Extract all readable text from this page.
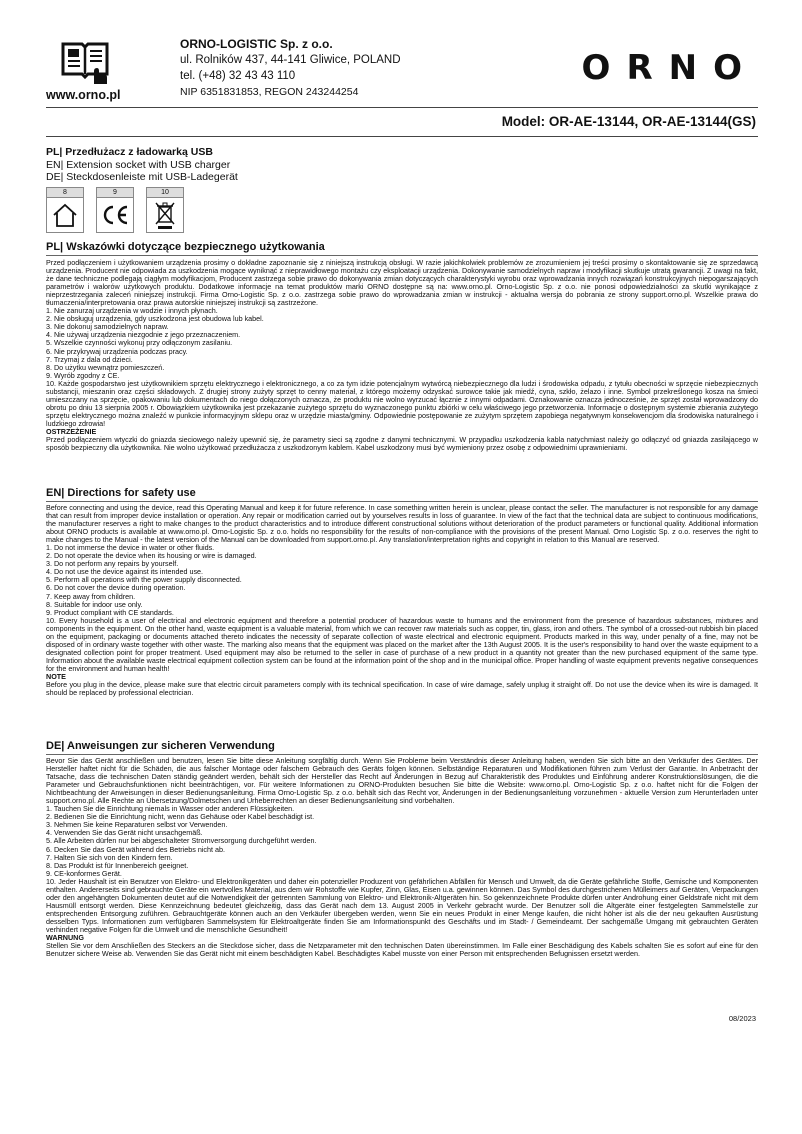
www.orno.pl
ORNO-LOGISTIC Sp. z o.o.
ul. Rolników 437, 44-141 Gliwice, POLAND
tel. (+48) 32 43 43 110
NIP 6351831853, REGON 243244254
ORNO
Model: OR-AE-13144, OR-AE-13144(GS)
PL| Przedłużacz z ładowarką USB
EN| Extension socket with USB charger
DE| Steckdosenleiste mit USB-Ladegerät
8	9	10
PL| Wskazówki dotyczące bezpiecznego użytkowania

Przed podłączeniem i użytkowaniem urządzenia prosimy o dokładne zapoznanie się z niniejszą instrukcją obsługi. W razie jakichkolwiek problemów ze zrozumieniem jej treści prosimy o skontaktowanie się ze sprzedawcą urządzenia. Producent nie odpowiada za uszkodzenia mogące wyniknąć z nieprawidłowego montażu czy eksploatacji urządzenia. Dokonywanie samodzielnych napraw i modyfikacji skutkuje utratą gwarancji. Z uwagi na fakt, że dane techniczne podlegają ciągłym modyfikacjom, Producent zastrzega sobie prawo do dokonywania zmian dotyczących charakterystyki wyrobu oraz wprowadzania innych rozwiązań konstrukcyjnych niepogarszających parametrów i walorów użytkowych produktu. Dodatkowe informacje na temat produktów marki ORNO dostępne są na: www.orno.pl. Orno-Logistic Sp. z o.o. nie ponosi odpowiedzialności za skutki wynikające z nieprzestrzegania zaleceń niniejszej instrukcji. Firma Orno-Logistic Sp. z o.o. zastrzega sobie prawo do wprowadzania zmian w instrukcji - aktualna wersja do pobrania ze strony support.orno.pl. Wszelkie prawa do tłumaczenia/interpretowania oraz prawa autorskie niniejszej instrukcji są zastrzeżone.

1. Nie zanurzaj urządzenia w wodzie i innych płynach.
2. Nie obsługuj urządzenia, gdy uszkodzona jest obudowa lub kabel.
3. Nie dokonuj samodzielnych napraw.
4. Nie używaj urządzenia niezgodnie z jego przeznaczeniem.
5. Wszelkie czynności wykonuj przy odłączonym zasilaniu.
6. Nie przykrywaj urządzenia podczas pracy.
7. Trzymaj z dala od dzieci.
8. Do użytku wewnątrz pomieszczeń.
9. Wyrób zgodny z CE.
10. Każde gospodarstwo jest użytkownikiem sprzętu elektrycznego i elektronicznego, a co za tym idzie potencjalnym wytwórcą niebezpiecznego dla ludzi i środowiska odpadu, z tytułu obecności w sprzęcie niebezpiecznych substancji, mieszanin oraz części składowych. Z drugiej strony zużyty sprzęt to cenny materiał, z którego możemy odzyskać surowce takie jak miedź, cyna, szkło, żelazo i inne. Symbol przekreślonego kosza na śmieci umieszczany na sprzęcie, opakowaniu lub dokumentach do niego dołączonych oznacza, że produktu nie wolno wyrzucać łącznie z innymi odpadami. Oznakowanie oznacza jednocześnie, że sprzęt został wprowadzony do obrotu po dniu 13 sierpnia 2005 r. Obowiązkiem użytkownika jest przekazanie zużytego sprzętu do wyznaczonego punktu zbiórki w celu właściwego jego przetworzenia. Informacje o dostępnym systemie zbierania zużytego sprzętu elektrycznego można znaleźć w punkcie informacyjnym sklepu oraz w urzędzie miasta/gminy. Odpowiednie postępowanie ze zużytym sprzętem zapobiega negatywnym konsekwencjom dla środowiska naturalnego i ludzkiego zdrowia!

OSTRZEŻENIE

Przed podłączeniem wtyczki do gniazda sieciowego należy upewnić się, że parametry sieci są zgodne z danymi technicznymi. W przypadku uszkodzenia kabla natychmiast należy go odłączyć od gniazda zasilającego w sposób bezpieczny dla użytkownika. Nie wolno użytkować przedłużacza z uszkodzonym kablem. Kabel uszkodzony musi być wymieniony przez osobę z odpowiednimi uprawnieniami.

EN| Directions for safety use

Before connecting and using the device, read this Operating Manual and keep it for future reference. In case something written herein is unclear, please contact the seller. The manufacturer is not responsible for any damage that can result from improper device installation or operation. Any repair or modification carried out by yourselves results in loss of guarantee. In view of the fact that the technical data are subject to continuous modifications, the manufacturer reserves a right to make changes to the product characteristics and to introduce different constructional solutions without deterioration of the product parameters or functional quality. Additional information about ORNO products is available at www.orno.pl. Orno-Logistic Sp. z o.o. holds no responsibility for the results of non-compliance with the provisions of the present Manual. Orno Logistic Sp. z o.o. reserves the right to make changes to the Manual - the latest version of the Manual can be downloaded from support.orno.pl. Any translation/interpretation rights and copyright in relation to this Manual are reserved.

1. Do not immerse the device in water or other fluids.
2. Do not operate the device when its housing or wire is damaged.
3. Do not perform any repairs by yourself.
4. Do not use the device against its intended use.
5. Perform all operations with the power supply disconnected.
6. Do not cover the device during operation.
7. Keep away from children.
8. Suitable for indoor use only.
9. Product compliant with CE standards.
10. Every household is a user of electrical and electronic equipment and therefore a potential producer of hazardous waste to humans and the environment from the presence of hazardous substances, mixtures and components in the equipment. On the other hand, waste equipment is a valuable material, from which we can recover raw materials such as copper, tin, glass, iron and others. The symbol of a crossed-out rubbish bin placed on the equipment, packaging or documents attached thereto indicates the necessity of separate collection of waste electrical and electronic equipment. Products marked in this way, under penalty of a fine, may not be disposed of in ordinary waste together with other waste. The marking also means that the equipment was placed on the market after the 13th August 2005. It is the user's responsibility to hand over the waste equipment to a designated collection point for proper treatment. Used equipment may also be returned to the seller in case of purchase of a new product in a quantity not greater than the new purchased equipment of the same type. Information about the available waste electrical equipment collection system can be found at the information point of the shop and in the municipal office. Proper handling of waste equipment prevents negative consequences for the environment and human health!

NOTE

Before you plug in the device, please make sure that electric circuit parameters comply with its technical specification. In case of wire damage, safely unplug it straight off. Do not use the device when its wire is damaged. It should be replaced by professional electrician.

DE| Anweisungen zur sicheren Verwendung

Bevor Sie das Gerät anschließen und benutzen, lesen Sie bitte diese Anleitung sorgfältig durch. Wenn Sie Probleme beim Verständnis dieser Anleitung haben, wenden Sie sich bitte an den Verkäufer des Gerätes. Der Hersteller haftet nicht für die Schäden, die aus falscher Montage oder falschem Gebrauch des Geräts folgen können. Selbständige Reparaturen und Modifikationen führen zum Verlust der Garantie. In Anbetracht der Tatsache, dass die technischen Daten ständig geändert werden, behält sich der Hersteller das Recht auf Änderungen in Bezug auf Charakteristik des Produktes und Einführung anderer Konstruktionslösungen, die die Parameter und Gebrauchsfunktionen nicht beeinträchtigen, vor. Für weitere Informationen zu ORNO-Produkten besuchen Sie bitte die Website: www.orno.pl. Orno-Logistic Sp. z o.o. haftet nicht für die Folgen der Nichtbeachtung der Anweisungen in dieser Bedienungsanleitung. Firma Orno-Logistic Sp. z o.o. behält sich das Recht vor, Änderungen in der Bedienungsanleitung vorzunehmen - aktuelle Version zum Herunterladen unter support.orno.pl. Alle Rechte an Übersetzung/Dolmetschen und Urheberrechten an dieser Bedienungsanleitung sind vorbehalten.

1. Tauchen Sie die Einrichtung niemals in Wasser oder anderen Flüssigkeiten.
2. Bedienen Sie die Einrichtung nicht, wenn das Gehäuse oder Kabel beschädigt ist.
3. Nehmen Sie keine Reparaturen selbst vor Verwenden.
4. Verwenden Sie das Gerät nicht unsachgemäß.
5. Alle Arbeiten dürfen nur bei abgeschalteter Stromversorgung durchgeführt werden.
6. Decken Sie das Gerät während des Betriebs nicht ab.
7. Halten Sie sich von den Kindern fern.
8. Das Produkt ist für Innenbereich geeignet.
9. CE-konformes Gerät.
10. Jeder Haushalt ist ein Benutzer von Elektro- und Elektronikgeräten und daher ein potenzieller Produzent von gefährlichen Abfällen für Mensch und Umwelt, da die Geräte gefährliche Stoffe, Gemische und Komponenten enthalten. Andererseits sind gebrauchte Geräte ein wertvolles Material, aus dem wir Rohstoffe wie Kupfer, Zinn, Glas, Eisen u.a. gewinnen können. Das Symbol des durchgestrichenen Mülleimers auf Geräten, Verpackungen oder den angehängten Dokumenten deutet auf die Notwendigkeit der getrennten Sammlung von Elektro- und Elektronik-Altgeräten hin. So gekennzeichnete Produkte dürfen unter Androhung einer Geldstrafe nicht mit dem Hausmüll entsorgt werden. Diese Kennzeichnung bedeutet gleichzeitig, dass das Gerät nach dem 13. August 2005 in Verkehr gebracht wurde. Der Benutzer soll die Altgeräte einer festgelegten Sammelstelle zur entsprechenden Entsorgung zuführen. Gebrauchtgeräte können auch an den Verkäufer übergeben werden, wenn Sie ein neues Produkt in einer Menge kaufen, die nicht höher ist als die der neu gekauften Ausrüstung desselben Typs. Informationen zum verfügbaren Sammelsystem für Elektroaltgeräte finden Sie am Informationspunkt des Geschäfts und im Stadt- / Gemeindeamt. Der sachgemäße Umgang mit gebrauchten Geräten verhindert negative Folgen für die Umwelt und die menschliche Gesundheit!

WARNUNG

Stellen Sie vor dem Anschließen des Steckers an die Steckdose sicher, dass die Netzparameter mit den technischen Daten übereinstimmen. Im Falle einer Beschädigung des Kabels schalten Sie es sofort auf eine für den Benutzer sichere Weise ab. Verwenden Sie das Gerät nicht mit einem beschädigten Kabel. Beschädigtes Kabel musste von einer Person mit entsprechenden Befugnissen ersetzt werden.

08/2023
